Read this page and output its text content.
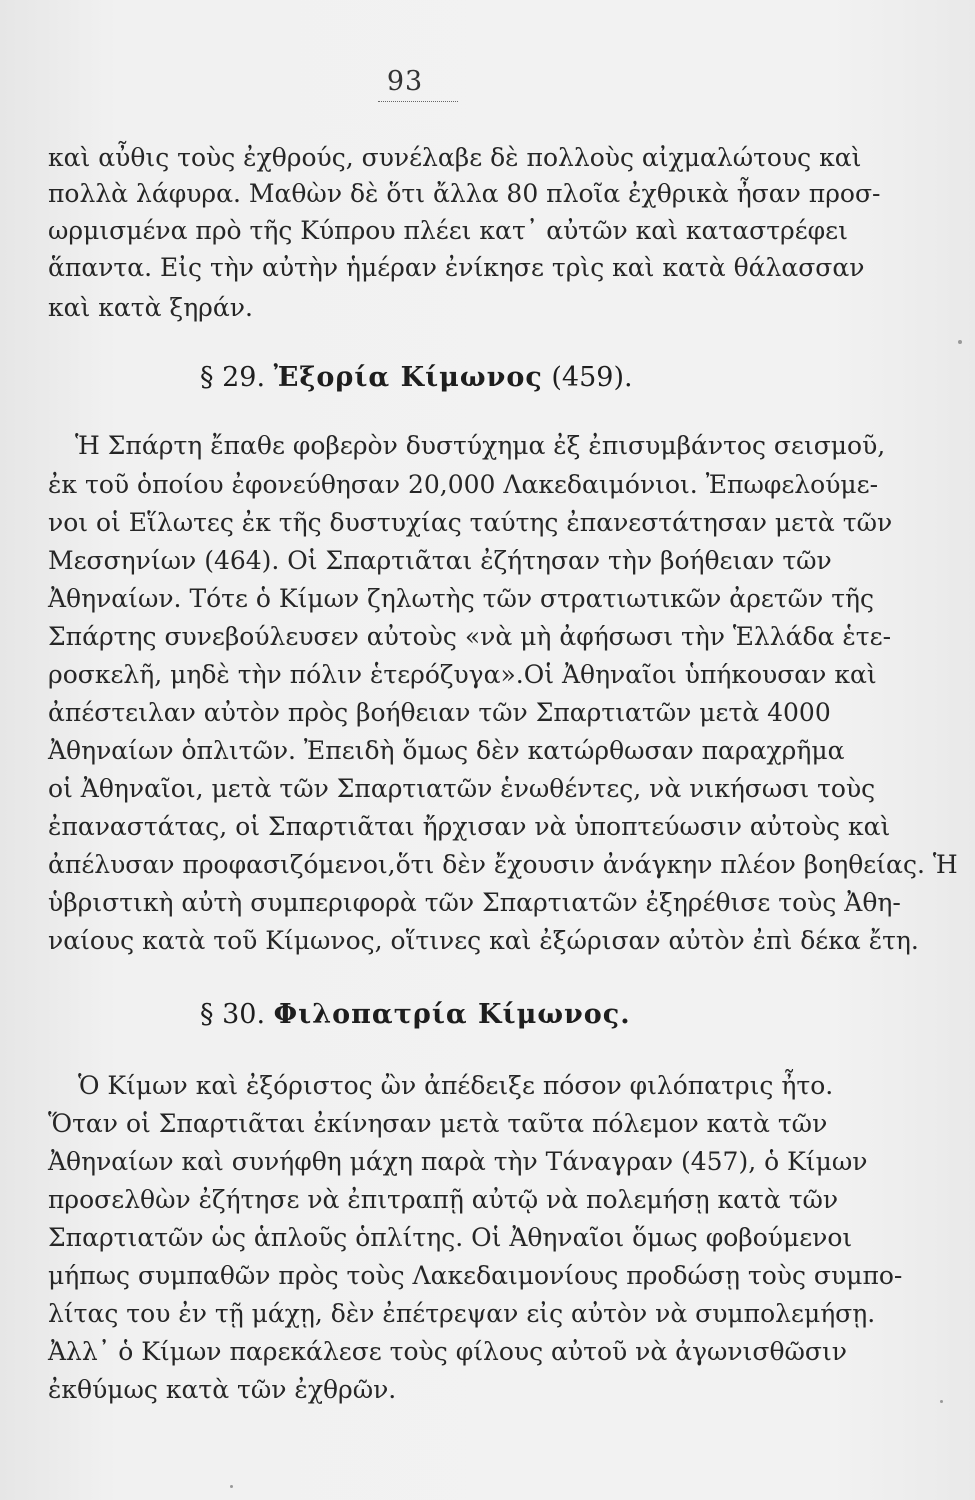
93
καὶ αὖθις τοὺς ἐχθρούς, συνέλαβε δὲ πολλοὺς αἰχμαλώτους καὶ
πολλὰ λάφυρα. Μαθὼν δὲ ὅτι ἄλλα 80 πλοῖα ἐχθρικὰ ἦσαν προσ-
ωρμισμένα πρὸ τῆς Κύπρου πλέει κατ᾽ αὐτῶν καὶ καταστρέφει
ἅπαντα. Εἰς τὴν αὐτὴν ἡμέραν ἐνίκησε τρὶς καὶ κατὰ θάλασσαν
καὶ κατὰ ξηράν.
§ 29. Ἐξορία Κίμωνος (459).
Ἡ Σπάρτη ἔπαθε φοβερὸν δυστύχημα ἐξ ἐπισυμβάντος σεισμοῦ,
ἐκ τοῦ ὁποίου ἐφονεύθησαν 20,000 Λακεδαιμόνιοι. Ἐπωφελούμε-
νοι οἱ Εἵλωτες ἐκ τῆς δυστυχίας ταύτης ἐπανεστάτησαν μετὰ τῶν
Μεσσηνίων (464). Οἱ Σπαρτιᾶται ἐζήτησαν τὴν βοήθειαν τῶν
Ἀθηναίων. Τότε ὁ Κίμων ζηλωτὴς τῶν στρατιωτικῶν ἀρετῶν τῆς
Σπάρτης συνεβούλευσεν αὐτοὺς «νὰ μὴ ἀφήσωσι τὴν Ἑλλάδα ἑτε-
ροσκελῆ, μηδὲ τὴν πόλιν ἑτερόζυγα».Οἱ Ἀθηναῖοι ὑπήκουσαν καὶ
ἀπέστειλαν αὐτὸν πρὸς βοήθειαν τῶν Σπαρτιατῶν μετὰ 4000
Ἀθηναίων ὁπλιτῶν. Ἐπειδὴ ὅμως δὲν κατώρθωσαν παραχρῆμα
οἱ Ἀθηναῖοι, μετὰ τῶν Σπαρτιατῶν ἑνωθέντες, νὰ νικήσωσι τοὺς
ἐπαναστάτας, οἱ Σπαρτιᾶται ἤρχισαν νὰ ὑποπτεύωσιν αὐτοὺς καὶ
ἀπέλυσαν προφασιζόμενοι,ὅτι δὲν ἔχουσιν ἀνάγκην πλέον βοηθείας. Ἡ
ὑβριστικὴ αὐτὴ συμπεριφορὰ τῶν Σπαρτιατῶν ἐξηρέθισε τοὺς Ἀθη-
ναίους κατὰ τοῦ Κίμωνος, οἵτινες καὶ ἐξώρισαν αὐτὸν ἐπὶ δέκα ἔτη.
§ 30. Φιλοπατρία Κίμωνος.
Ὁ Κίμων καὶ ἐξόριστος ὢν ἀπέδειξε πόσον φιλόπατρις ἦτο.
Ὅταν οἱ Σπαρτιᾶται ἐκίνησαν μετὰ ταῦτα πόλεμον κατὰ τῶν
Ἀθηναίων καὶ συνήφθη μάχη παρὰ τὴν Τάναγραν (457), ὁ Κίμων
προσελθὼν ἐζήτησε νὰ ἐπιτραπῇ αὐτῷ νὰ πολεμήσῃ κατὰ τῶν
Σπαρτιατῶν ὡς ἁπλοῦς ὁπλίτης. Οἱ Ἀθηναῖοι ὅμως φοβούμενοι
μήπως συμπαθῶν πρὸς τοὺς Λακεδαιμονίους προδώσῃ τοὺς συμπο-
λίτας του ἐν τῇ μάχῃ, δὲν ἐπέτρεψαν εἰς αὐτὸν νὰ συμπολεμήσῃ.
Ἀλλ᾽ ὁ Κίμων παρεκάλεσε τοὺς φίλους αὐτοῦ νὰ ἀγωνισθῶσιν
ἐκθύμως κατὰ τῶν ἐχθρῶν.
